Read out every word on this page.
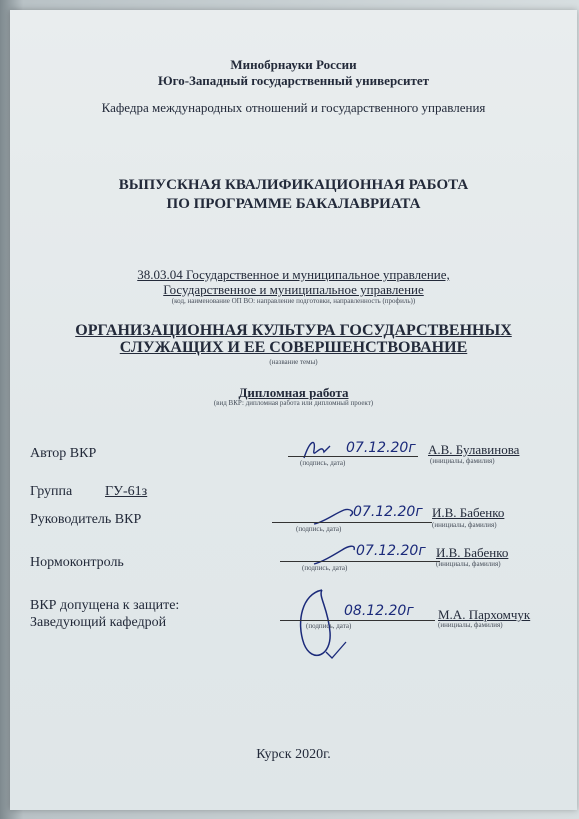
Минобрнауки России
Юго-Западный государственный университет
Кафедра международных отношений и государственного управления
ВЫПУСКНАЯ КВАЛИФИКАЦИОННАЯ РАБОТА
ПО ПРОГРАММЕ БАКАЛАВРИАТА
38.03.04 Государственное и муниципальное управление,
Государственное и муниципальное управление
(код, наименование ОП ВО: направление подготовки, направленность (профиль))
ОРГАНИЗАЦИОННАЯ КУЛЬТУРА ГОСУДАРСТВЕННЫХ
СЛУЖАЩИХ И ЕЕ СОВЕРШЕНСТВОВАНИЕ
(название темы)
Дипломная работа
(вид ВКР: дипломная работа или дипломный проект)
Автор ВКР	07.12.20г
(подпись, дата)
А.В. Булавинова
(инициалы, фамилия)
Группа ГУ-61з
Руководитель ВКР	07.12.20г
(подпись, дата)
И.В. Бабенко
(инициалы, фамилия)
Нормоконтроль
07.12.20г
(подпись, дата)
И.В. Бабенко
(инициалы, фамилия)
ВКР допущена к защите:
Заведующий кафедрой
08.12.20г
(подпись, дата)
М.А. Пархомчук
(инициалы, фамилия)
Курск 2020г.
